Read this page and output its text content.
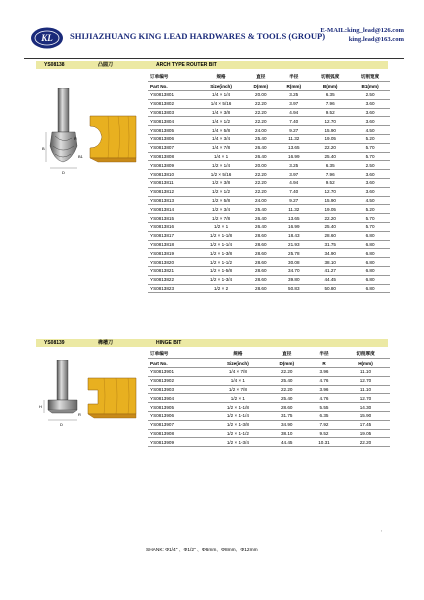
KL SHIJIAZHUANG KING LEAD HARDWARES & TOOLS (GROUP)
E-MAIL:king_lead@126.com
king.lead@163.com
YS08138	凸圆刀	ARCH TYPE ROUTER BIT
B
D
B1
R
订单编号	规格	直径	半径	切削弧度	切削宽度
Part No.	Size(inch)	D(mm)	R(mm)	B(mm)	B1(mm)
YS0813801	1/4 × 1/4	20.00	3.25	6.35	2.50
YS0813802	1/4 × 5/16	22.20	3.97	7.96	3.60
YS0813803	1/4 × 3/8	22.20	4.94	9.52	3.60
YS0813804	1/4 × 1/2	22.20	7.40	12.70	3.60
YS0813805	1/4 × 5/8	24.00	9.27	15.90	4.50
YS0813806	1/4 × 3/4	25.40	11.32	19.05	5.20
YS0813807	1/4 × 7/8	26.40	13.65	22.20	5.70
YS0813808	1/4 × 1	26.40	16.99	25.40	5.70
YS0813809	1/2 × 1/4	20.00	3.25	6.35	2.50
YS0813810	1/2 × 5/16	22.20	3.97	7.96	3.60
YS0813811	1/2 × 3/8	22.20	4.94	9.52	3.60
YS0813812	1/2 × 1/2	22.20	7.40	12.70	3.60
YS0813813	1/2 × 5/8	24.00	9.27	15.90	4.50
YS0813814	1/2 × 3/4	25.40	11.32	19.05	5.20
YS0813815	1/2 × 7/8	26.40	13.65	22.20	5.70
YS0813816	1/2 × 1	26.40	16.99	25.40	5.70
YS0813817	1/2 × 1-1/8	28.60	18.43	28.60	6.80
YS0813818	1/2 × 1-1/4	28.60	21.93	31.75	6.80
YS0813819	1/2 × 1-3/8	28.60	25.78	34.90	6.80
YS0813820	1/2 × 1-1/2	28.60	30.08	38.10	6.80
YS0813821	1/2 × 1-5/8	28.60	34.70	41.27	6.80
YS0813822	1/2 × 1-3/4	28.60	39.80	44.45	6.80
YS0813823	1/2 × 2	28.60	50.83	50.80	6.80
YS08139	榫槽刀	HINGE BIT
D
H
R
订单编号	规格	直径	半径	切削厚度
Part No.	Size(inch)	D(mm)	R	H(mm)
YS0813901	1/4 × 7/8	22.20	3.96	11.10
YS0813902	1/4 × 1	25.40	4.76	12.70
YS0813903	1/2 × 7/8	22.20	3.96	11.10
YS0813904	1/2 × 1	25.40	4.76	12.70
YS0813905	1/2 × 1-1/8	28.60	5.55	14.30
YS0813906	1/2 × 1-1/4	31.75	6.35	15.90
YS0813907	1/2 × 1-3/8	34.90	7.92	17.45
YS0813908	1/2 × 1-1/2	38.10	9.52	19.05
YS0813909	1/2 × 1-3/4	44.45	10.31	22.20
,
SHANK: Φ1/4" 、Φ1/2" 、Φ6mm、Φ8mm、Φ12mm
